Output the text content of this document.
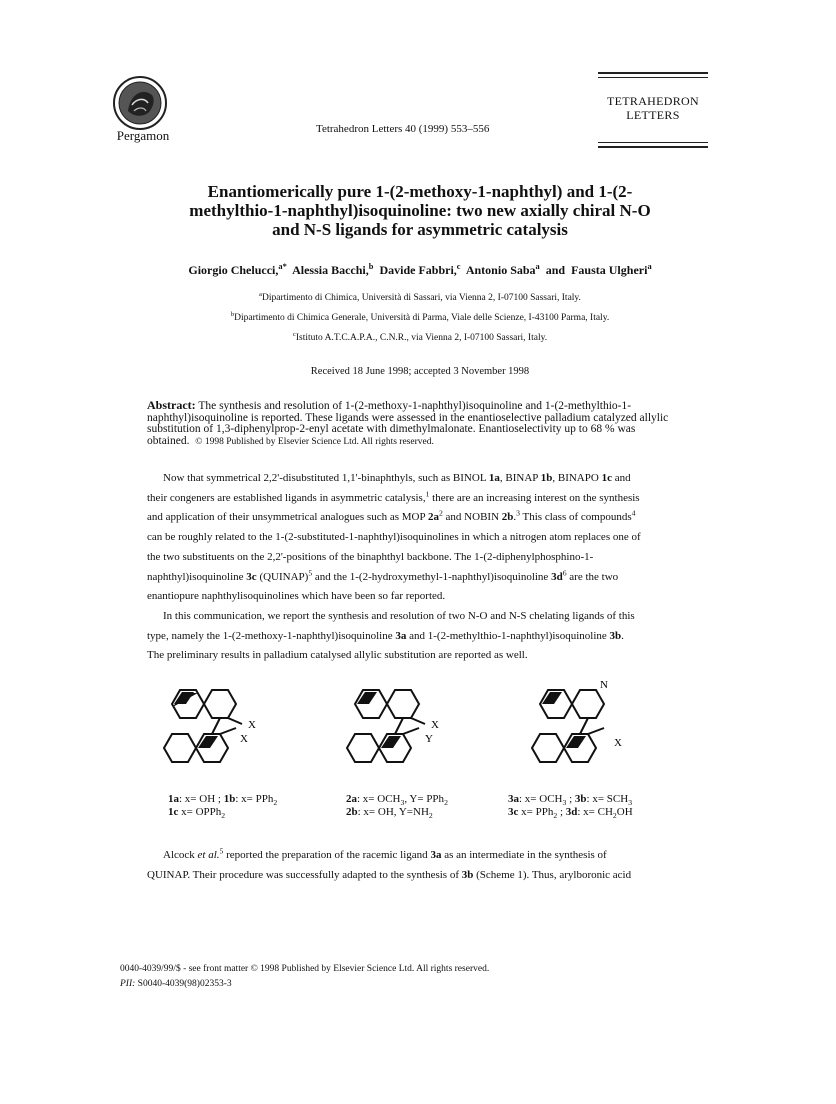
Pergamon	Tetrahedron Letters 40 (1999) 553–556
TETRAHEDRON
LETTERS
Enantiomerically pure 1-(2-methoxy-1-naphthyl) and 1-(2-
methylthio-1-naphthyl)isoquinoline: two new axially chiral N-O
and N-S ligands for asymmetric catalysis
Giorgio Chelucci,$^{a*}$ Alessia Bacchi,$^b$ Davide Fabbri,$^c$ Antonio Saba$^a$ and Fausta Ulgheri$^a$
$^a$Dipartimento di Chimica, Università di Sassari, via Vienna 2, I-07100 Sassari, Italy.
$^b$Dipartimento di Chimica Generale, Università di Parma, Viale delle Scienze, I-43100 Parma, Italy.
$^c$Istituto A.T.C.A.P.A., C.N.R., via Vienna 2, I-07100 Sassari, Italy.
Received 18 June 1998; accepted 3 November 1998
Abstract: The synthesis and resolution of 1-(2-methoxy-1-naphthyl)isoquinoline and 1-(2-methylthio-1-
naphthyl)isoquinoline is reported. These ligands were assessed in the enantioselective palladium catalyzed allylic
substitution of 1,3-diphenylprop-2-enyl acetate with dimethylmalonate. Enantioselectivity up to 68 % was
obtained. © 1998 Published by Elsevier Science Ltd. All rights reserved.
Now that symmetrical 2,2'-disubstituted 1,1'-binaphthyls, such as BINOL 1a, BINAP 1b, BINAPO 1c and
their congeners are established ligands in asymmetric catalysis,$^1$ there are an increasing interest on the synthesis
and application of their unsymmetrical analogues such as MOP $2a^2$ and NOBIN 2b.$^3$ This class of compounds$^4$
can be roughly related to the 1-(2-substituted-1-naphthyl)isoquinolines in which a nitrogen atom replaces one of
the two substituents on the 2,2'-positions of the binaphthyl backbone. The 1-(2-diphenylphosphino-1-
naphthyl)isoquinoline 3c (QUINAP)$^5$ and the 1-(2-hydroxymethyl-1-naphthyl)isoquinoline $3d^6$ are the two
enantiopure naphthylisoquinolines which have been so far reported.
In this communication, we report the synthesis and resolution of two N-O and N-S chelating ligands of this
type, namely the 1-(2-methoxy-1-naphthyl)isoquinoline 3a and 1-(2-methylthio-1-naphthyl)isoquinoline 3b.
The preliminary results in palladium catalysed allylic substitution are reported as well.
X
X
X
Y
N
X
1a: x= OH ; 1b: x= PPh$_2$
1c x= OPPh$_2$
2a: $x= OCH_3$, Y= PPh$_2$
2b: x= OH, $Y=NH_2$
3a: $x= OCH_3$ ; 3b: $x= SCH_3$
3c x= PPh$_2$ ; 3d: $x= CH_2OH$
Alcock et al.$^5$ reported the preparation of the racemic ligand 3a as an intermediate in the synthesis of
QUINAP. Their procedure was successfully adapted to the synthesis of 3b (Scheme 1). Thus, arylboronic acid
0040-4039/99/$ - see front matter © 1998 Published by Elsevier Science Ltd. All rights reserved.
PII: S0040-4039(98)02353-3
